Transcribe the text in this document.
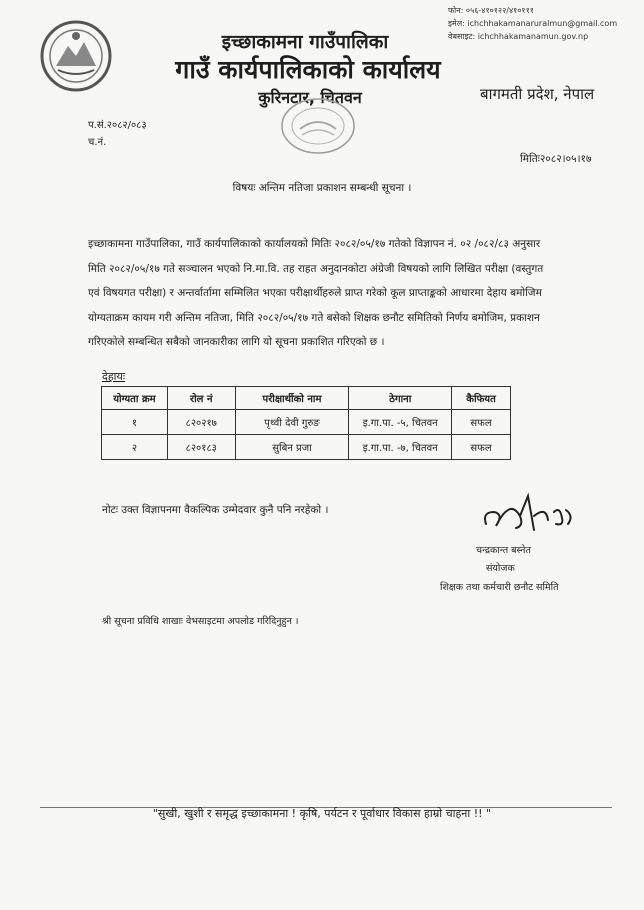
फोन: ०५६-४१०१२२/४१०१११
इमेल: ichchhakamanaruralmun@gmail.com
वेबसाइट: ichchhakamanamun.gov.np
इच्छाकामना गाउँपालिका
गाउँ कार्यपालिकाको कार्यालय
कुरिनटार, चितवन	बागमती प्रदेश, नेपाल
प.सं.२०८२/०८३
च.नं.
मितिः२०८२।०५।१७
विषयः अन्तिम नतिजा प्रकाशन सम्बन्धी सूचना ।
इच्छाकामना गाउँपालिका, गाउँ कार्यपालिकाको कार्यालयको मितिः २०८२/०५/१७ गतेको विज्ञापन नं. ०२ /०८२/८३ अनुसार
मिति २०८२/०५/१७ गते सञ्चालन भएको नि.मा.वि. तह राहत अनुदानकोटा अंग्रेजी विषयको लागि लिखित परीक्षा (वस्तुगत
एवं विषयगत परीक्षा) र अन्तर्वार्तामा सम्मिलित भएका परीक्षार्थीहरुले प्राप्त गरेको कूल प्राप्ताङ्कको आधारमा देहाय बमोजिम
योग्यताक्रम कायम गरी अन्तिम नतिजा, मिति २०८२/०५/१७ गते बसेको शिक्षक छनौट समितिको निर्णय बमोजिम, प्रकाशन
गरिएकोले सम्बन्धित सबैको जानकारीका लागि यो सूचना प्रकाशित गरिएको छ ।
देहायः
योग्यता क्रम	रोल नं	परीक्षार्थीको नाम	ठेगाना	कैफियत
१	८२०२१७	पृथ्वी देवी गुरुङ	इ.गा.पा. -५, चितवन	सफल
२	८२०१८३	सुबिन प्रजा	इ.गा.पा. -७, चितवन	सफल
नोटः उक्त विज्ञापनमा वैकल्पिक उम्मेदवार कुनै पनि नरहेको ।
चन्द्रकान्त बस्नेत
संयोजक
शिक्षक तथा कर्मचारी छनौट समिति
श्री सूचना प्रविधि शाखाः वेभसाइटमा अपलोड गरिदिनुहुन ।
"सुखी, खुशी र समृद्ध इच्छाकामना ! कृषि, पर्यटन र पूर्वाधार विकास हाम्रो चाहना !! "
